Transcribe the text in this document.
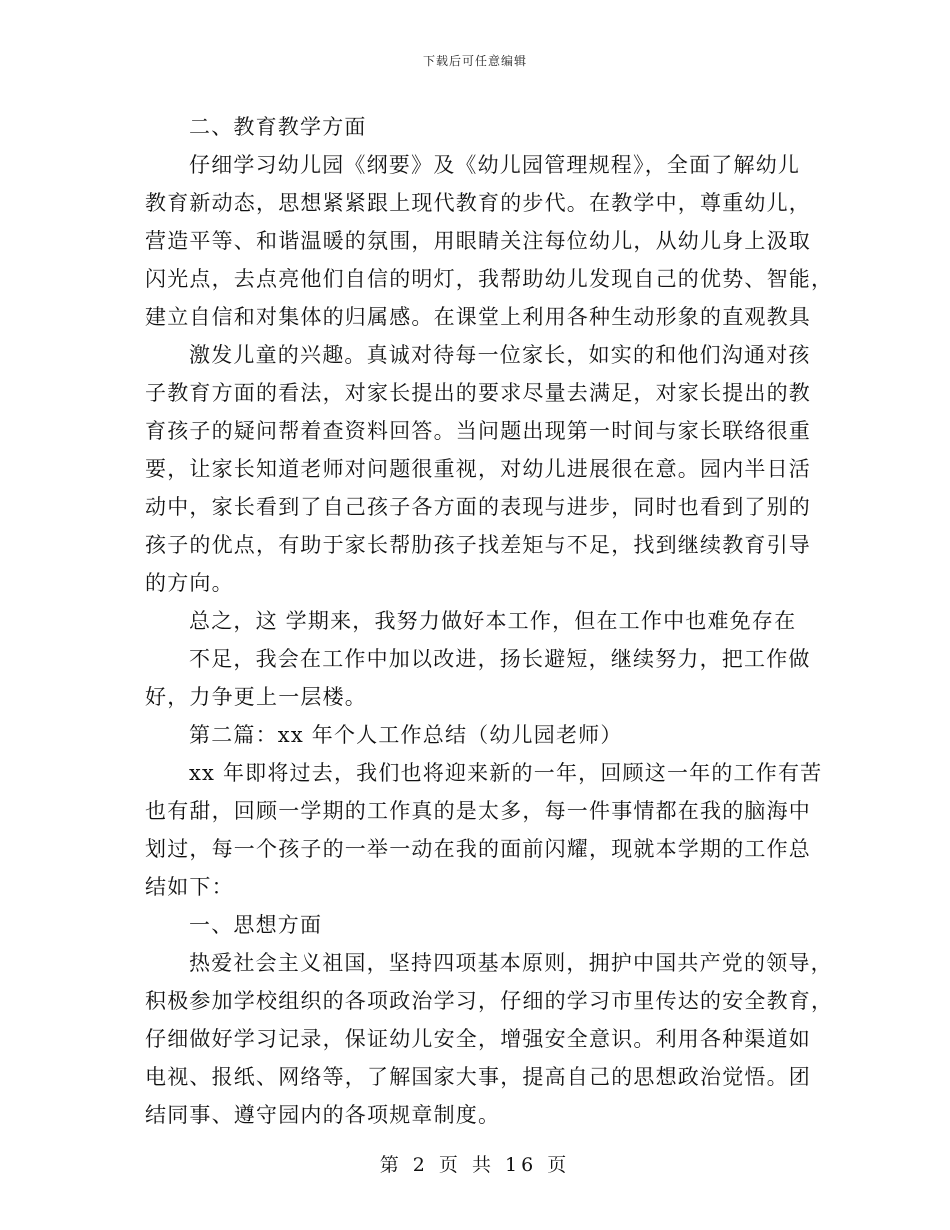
下载后可任意编辑
二、教育教学方面
仔细学习幼儿园《纲要》及《幼儿园管理规程》，全面了解幼儿
教育新动态，思想紧紧跟上现代教育的步代。在教学中，尊重幼儿，
营造平等、和谐温暖的氛围，用眼睛关注每位幼儿，从幼儿身上汲取
闪光点，去点亮他们自信的明灯，我帮助幼儿发现自己的优势、智能，
建立自信和对集体的归属感。在课堂上利用各种生动形象的直观教具
激发儿童的兴趣。真诚对待每一位家长，如实的和他们沟通对孩
子教育方面的看法，对家长提出的要求尽量去满足，对家长提出的教
育孩子的疑问帮着查资料回答。当问题出现第一时间与家长联络很重
要，让家长知道老师对问题很重视，对幼儿进展很在意。园内半日活
动中，家长看到了自己孩子各方面的表现与进步，同时也看到了别的
孩子的优点，有助于家长帮肋孩子找差矩与不足，找到继续教育引导
的方向。
总之，这 学期来，我努力做好本工作，但在工作中也难免存在
不足，我会在工作中加以改进，扬长避短，继续努力，把工作做
好，力争更上一层楼。
第二篇：xx 年个人工作总结（幼儿园老师）
xx 年即将过去，我们也将迎来新的一年，回顾这一年的工作有苦
也有甜，回顾一学期的工作真的是太多，每一件事情都在我的脑海中
划过，每一个孩子的一举一动在我的面前闪耀，现就本学期的工作总
结如下：
一、思想方面
热爱社会主义祖国，坚持四项基本原则，拥护中国共产党的领导，
积极参加学校组织的各项政治学习，仔细的学习市里传达的安全教育，
仔细做好学习记录，保证幼儿安全，增强安全意识。利用各种渠道如
电视、报纸、网络等，了解国家大事，提高自己的思想政治觉悟。团
结同事、遵守园内的各项规章制度。
第 2 页 共 16 页
